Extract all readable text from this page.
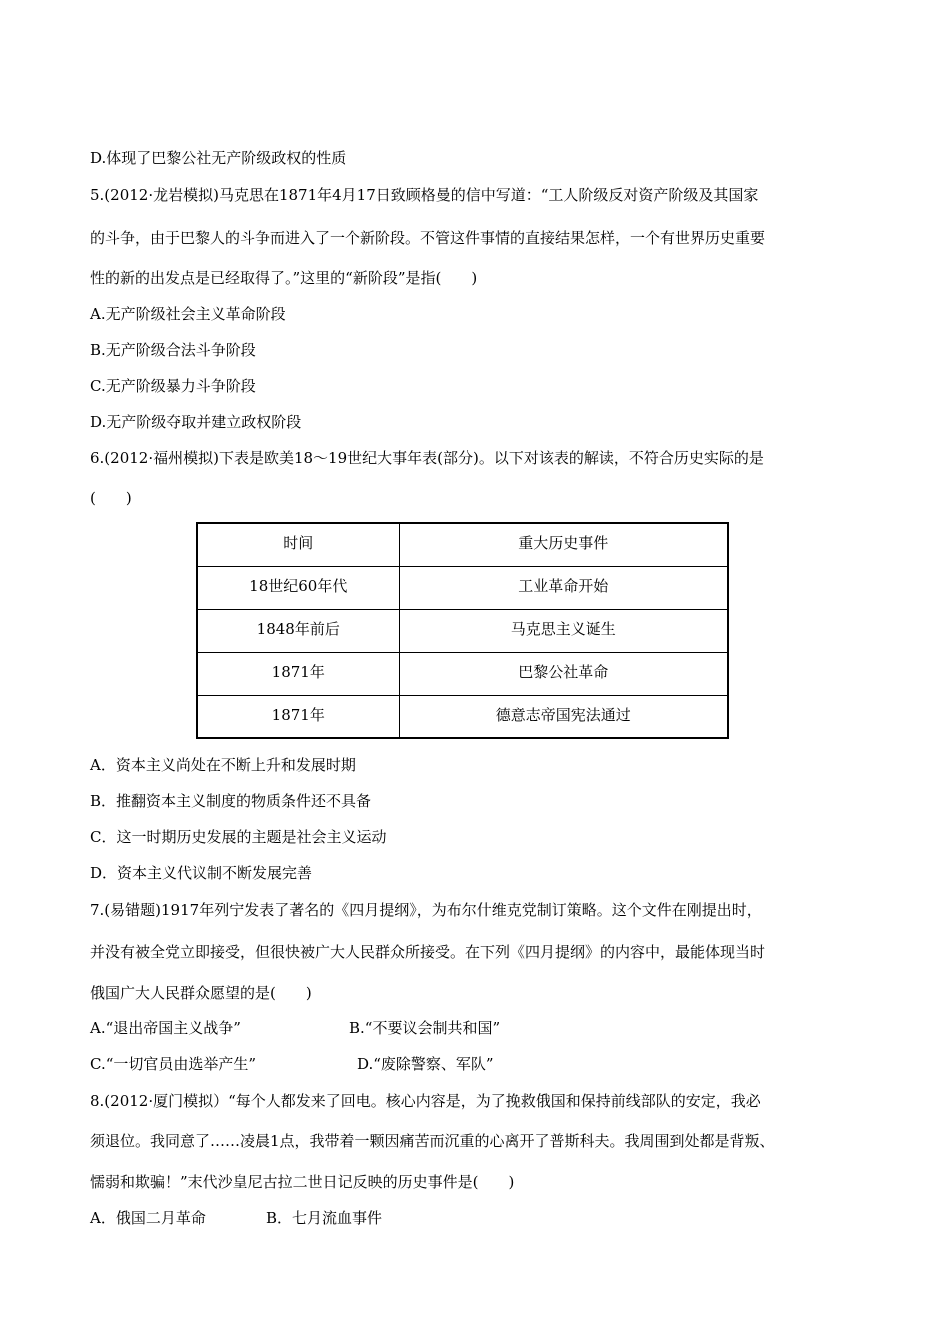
D.体现了巴黎公社无产阶级政权的性质
5.(2012·龙岩模拟)马克思在1871年4月17日致顾格曼的信中写道：“工人阶级反对资产阶级及其国家
的斗争，由于巴黎人的斗争而进入了一个新阶段。不管这件事情的直接结果怎样，一个有世界历史重要
性的新的出发点是已经取得了。”这里的“新阶段”是指(　　)
A.无产阶级社会主义革命阶段
B.无产阶级合法斗争阶段
C.无产阶级暴力斗争阶段
D.无产阶级夺取并建立政权阶段
6.(2012·福州模拟)下表是欧美18～19世纪大事年表(部分)。以下对该表的解读，不符合历史实际的是
(　　)
时间	重大历史事件
18世纪60年代	工业革命开始
1848年前后	马克思主义诞生
1871年	巴黎公社革命
1871年	德意志帝国宪法通过
A．资本主义尚处在不断上升和发展时期
B．推翻资本主义制度的物质条件还不具备
C．这一时期历史发展的主题是社会主义运动
D．资本主义代议制不断发展完善
7.(易错题)1917年列宁发表了著名的《四月提纲》，为布尔什维克党制订策略。这个文件在刚提出时，
并没有被全党立即接受，但很快被广大人民群众所接受。在下列《四月提纲》的内容中，最能体现当时
俄国广大人民群众愿望的是(　　)
A.“退出帝国主义战争”	B.“不要议会制共和国”
C.“一切官员由选举产生”	D.“废除警察、军队”
8.(2012·厦门模拟）“每个人都发来了回电。核心内容是，为了挽救俄国和保持前线部队的安定，我必
须退位。我同意了……凌晨1点，我带着一颗因痛苦而沉重的心离开了普斯科夫。我周围到处都是背叛、
懦弱和欺骗！”末代沙皇尼古拉二世日记反映的历史事件是(　　)
A．俄国二月革命	B．七月流血事件
